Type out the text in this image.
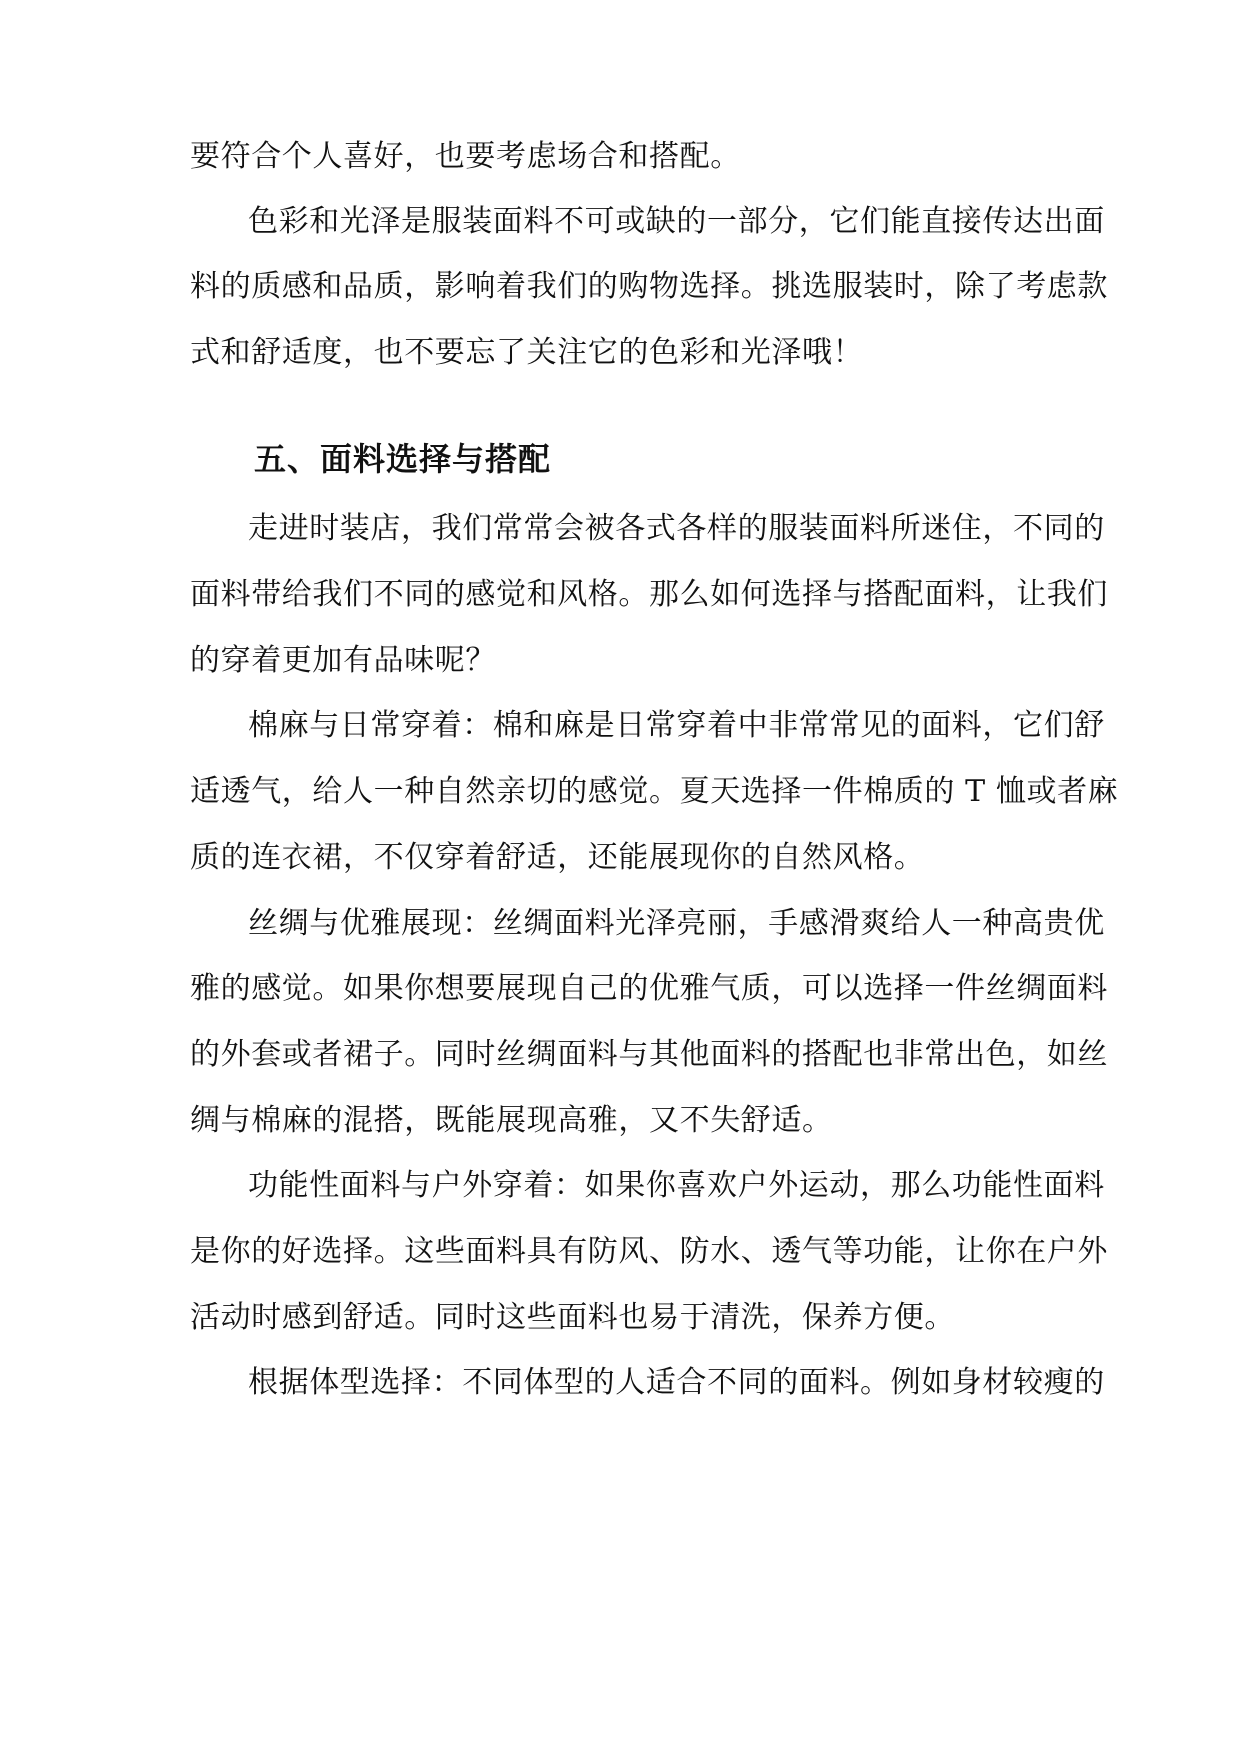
要符合个人喜好，也要考虑场合和搭配。
色彩和光泽是服装面料不可或缺的一部分，它们能直接传达出面
料的质感和品质，影响着我们的购物选择。挑选服装时，除了考虑款
式和舒适度，也不要忘了关注它的色彩和光泽哦！
五、面料选择与搭配
走进时装店，我们常常会被各式各样的服装面料所迷住，不同的
面料带给我们不同的感觉和风格。那么如何选择与搭配面料，让我们
的穿着更加有品味呢？
棉麻与日常穿着：棉和麻是日常穿着中非常常见的面料，它们舒
适透气，给人一种自然亲切的感觉。夏天选择一件棉质的 T 恤或者麻
质的连衣裙，不仅穿着舒适，还能展现你的自然风格。
丝绸与优雅展现：丝绸面料光泽亮丽，手感滑爽给人一种高贵优
雅的感觉。如果你想要展现自己的优雅气质，可以选择一件丝绸面料
的外套或者裙子。同时丝绸面料与其他面料的搭配也非常出色，如丝
绸与棉麻的混搭，既能展现高雅，又不失舒适。
功能性面料与户外穿着：如果你喜欢户外运动，那么功能性面料
是你的好选择。这些面料具有防风、防水、透气等功能，让你在户外
活动时感到舒适。同时这些面料也易于清洗，保养方便。
根据体型选择：不同体型的人适合不同的面料。例如身材较瘦的
